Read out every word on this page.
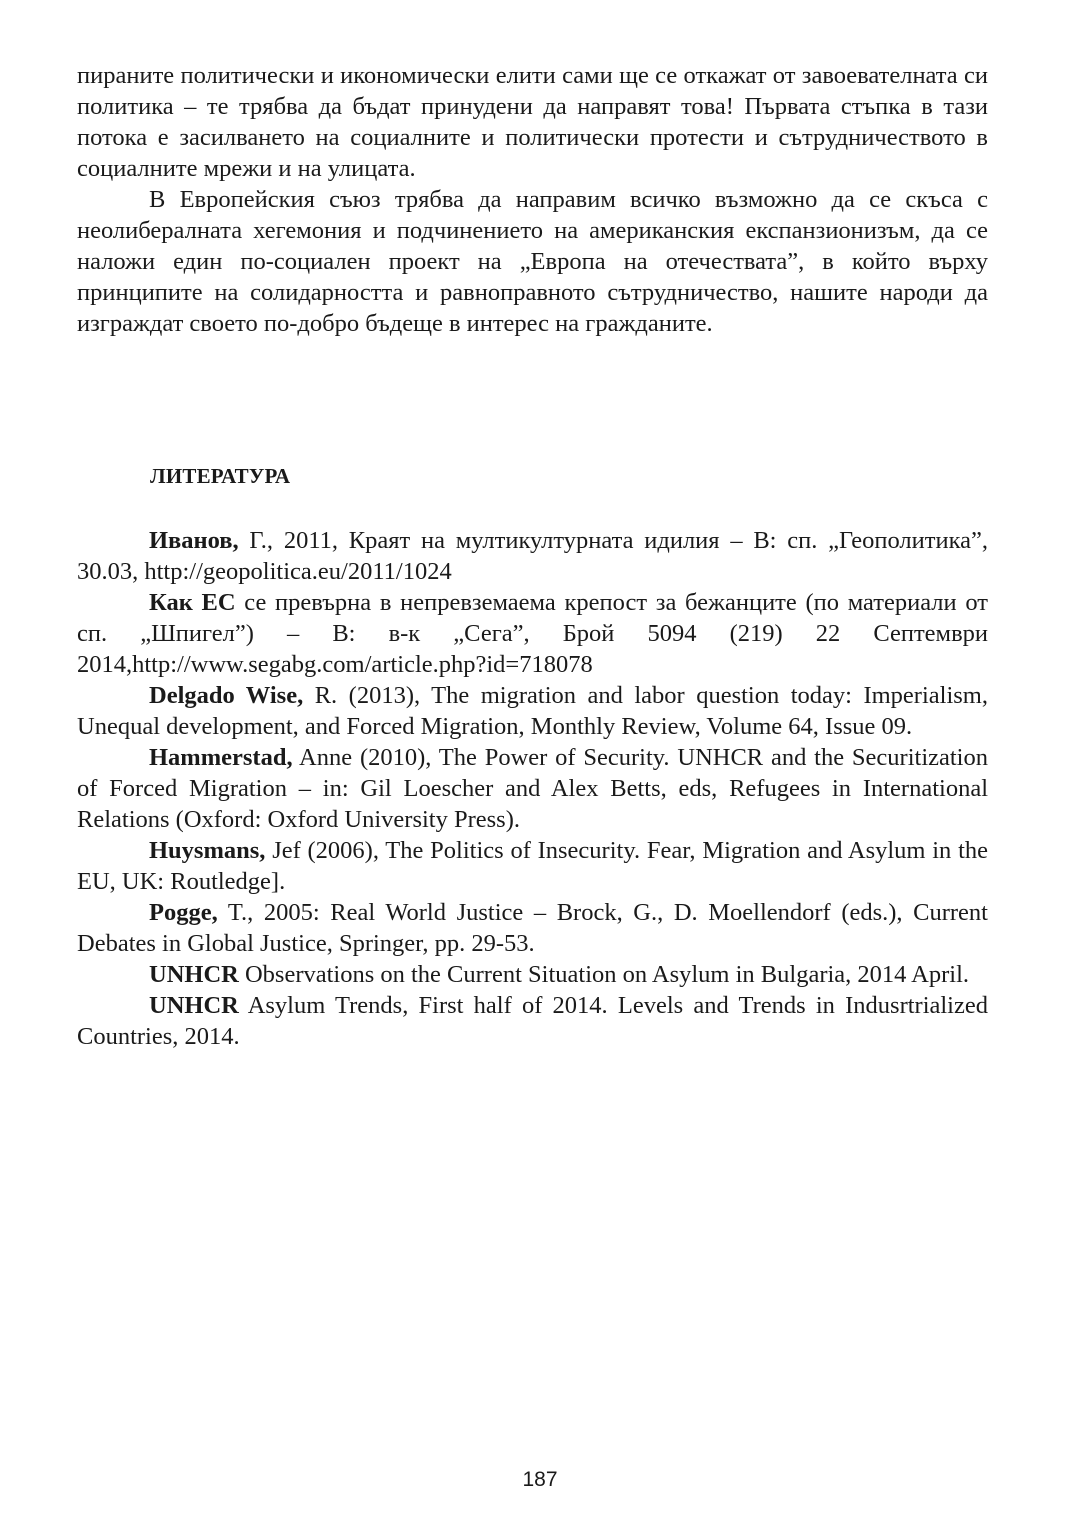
пираните политически и икономически елити сами ще се откажат от завоевателната си политика – те трябва да бъдат принудени да направят това! Първата стъпка в тази потока е засилването на социалните и политически протести и сътрудничеството в социалните мрежи и на улицата.

В Европейския съюз трябва да направим всичко възможно да се скъса с неолибералната хегемония и подчинението на американския експанзионизъм, да се наложи един по-социален проект на „Европа на отечествата”, в който върху принципите на солидарността и равноправното сътрудничество, нашите народи да изграждат своето по-добро бъдеще в интерес на гражданите.

ЛИТЕРАТУРА

Иванов, Г., 2011, Краят на мултикултурната идилия – В: сп. „Геополитика”, 30.03, http://geopolitica.eu/2011/1024

Как ЕС се превърна в непревземаема крепост за бежанците (по материали от сп. „Шпигел”) – В: в-к „Сега”, Брой 5094 (219) 22 Септември 2014,http://www.segabg.com/article.php?id=718078

Delgado Wise, R. (2013), The migration and labor question today: Imperialism, Unequal development, and Forced Migration, Monthly Review, Volume 64, Issue 09.

Hammerstad, Anne (2010), The Power of Security. UNHCR and the Securitization of Forced Migration – in: Gil Loescher and Alex Betts, eds, Refugees in International Relations (Oxford: Oxford University Press).

Huysmans, Jef (2006), The Politics of Insecurity. Fear, Migration and Asylum in the EU, UK: Routledge].

Pogge, T., 2005: Real World Justice – Brock, G., D. Moellendorf (eds.), Current Debates in Global Justice, Springer, pp. 29-53.

UNHCR Observations on the Current Situation on Asylum in Bulgaria, 2014 April.

UNHCR Asylum Trends, First half of 2014. Levels and Trends in Indusrtrialized Countries, 2014.

187
